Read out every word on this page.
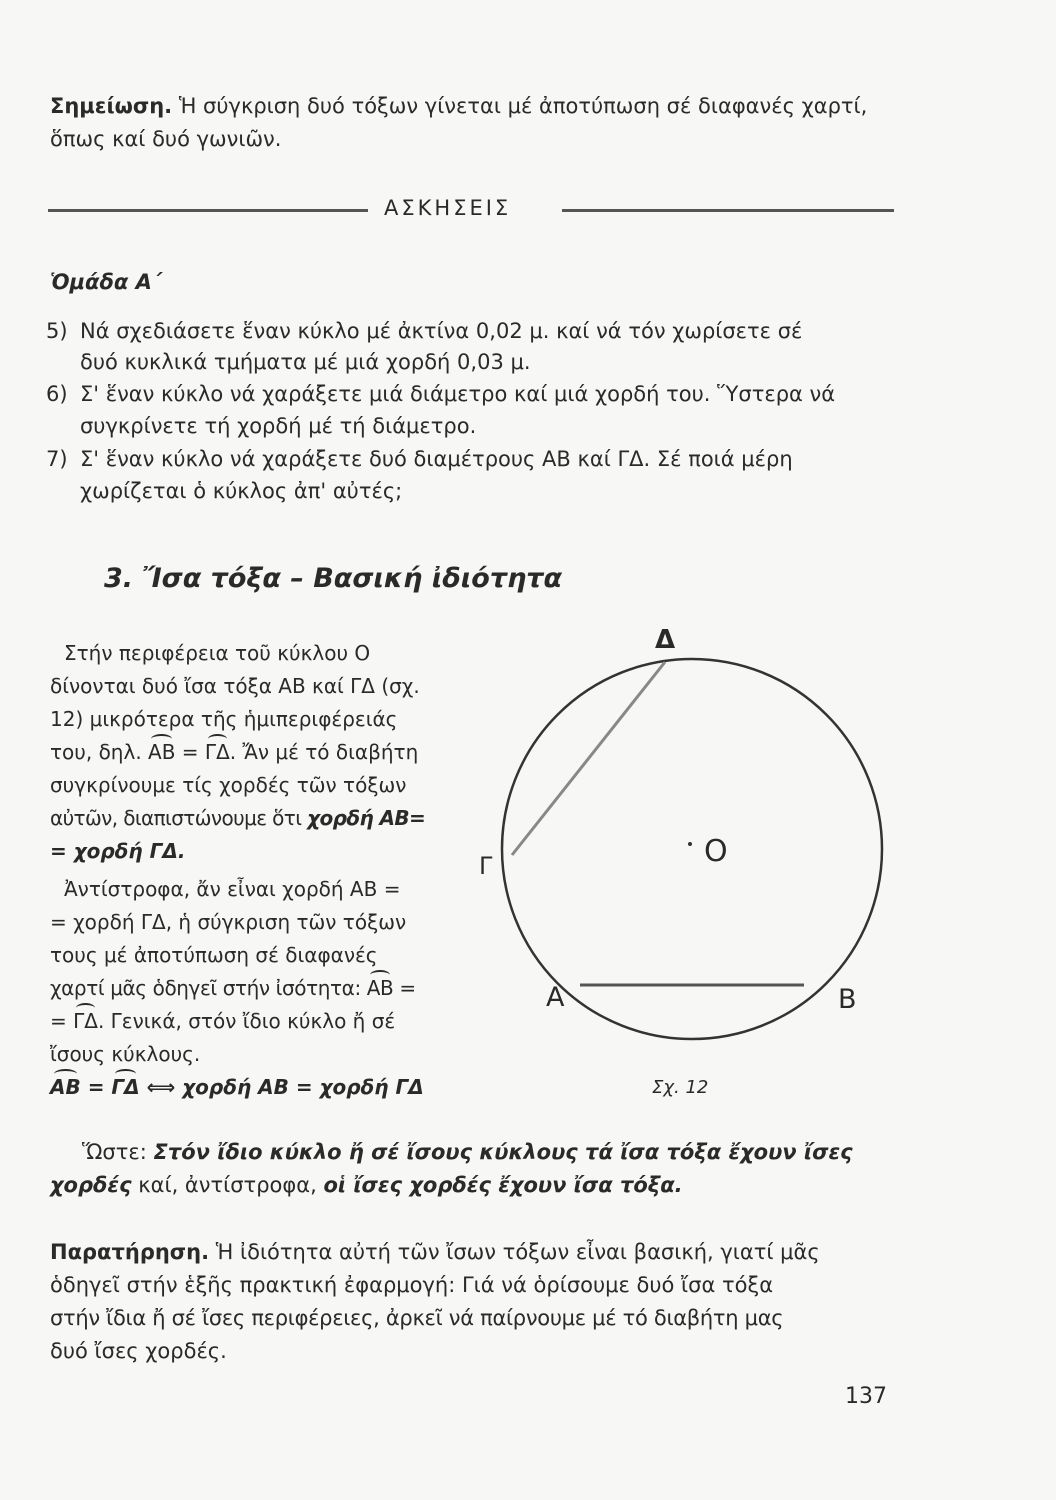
Σημείωση. Ἡ σύγκριση δυό τόξων γίνεται μέ ἀποτύπωση σέ διαφανές χαρτί, ὅπως καί δυό γωνιῶν.
ΑΣΚΗΣΕΙΣ
Ὁμάδα Α΄
5) Νά σχεδιάσετε ἕναν κύκλο μέ ἀκτίνα 0,02 μ. καί νά τόν χωρίσετε σέ
δυό κυκλικά τμήματα μέ μιά χορδή 0,03 μ.
6) Σ' ἕναν κύκλο νά χαράξετε μιά διάμετρο καί μιά χορδή του. Ὕστερα νά
συγκρίνετε τή χορδή μέ τή διάμετρο.
7) Σ' ἕναν κύκλο νά χαράξετε δυό διαμέτρους ΑΒ καί ΓΔ. Σέ ποιά μέρη
χωρίζεται ὁ κύκλος ἀπ' αὐτές;
3. Ἴσα τόξα – Βασική ἰδιότητα
Στήν περιφέρεια τοῦ κύκλου Ο
δίνονται δυό ἴσα τόξα ΑΒ καί ΓΔ (σχ.
12) μικρότερα τῆς ἡμιπεριφέρειάς
του, δηλ. ΑΒ = ΓΔ. Ἄν μέ τό διαβήτη
συγκρίνουμε τίς χορδές τῶν τόξων
αὐτῶν, διαπιστώνουμε ὅτι χορδή ΑΒ=
= χορδή ΓΔ.
Ἀντίστροφα, ἄν εἶναι χορδή ΑΒ =
= χορδή ΓΔ, ἡ σύγκριση τῶν τόξων
τους μέ ἀποτύπωση σέ διαφανές
χαρτί μᾶς ὁδηγεῖ στήν ἰσότητα: ΑΒ =
= ΓΔ. Γενικά, στόν ἴδιο κύκλο ἤ σέ
ἴσους κύκλους.
ΑΒ = ΓΔ ⟺ χορδή ΑΒ = χορδή ΓΔ
Δ
Γ	Ο
Α	Β
Σχ. 12
Ὥστε: Στόν ἴδιο κύκλο ἤ σέ ἴσους κύκλους τά ἴσα τόξα ἔχουν ἴσες
χορδές καί, ἀντίστροφα, οἱ ἴσες χορδές ἔχουν ἴσα τόξα.
Παρατήρηση. Ἡ ἰδιότητα αὐτή τῶν ἴσων τόξων εἶναι βασική, γιατί μᾶς
ὁδηγεῖ στήν ἑξῆς πρακτική ἐφαρμογή: Γιά νά ὁρίσουμε δυό ἴσα τόξα
στήν ἴδια ἤ σέ ἴσες περιφέρειες, ἀρκεῖ νά παίρνουμε μέ τό διαβήτη μας
δυό ἴσες χορδές.
137
